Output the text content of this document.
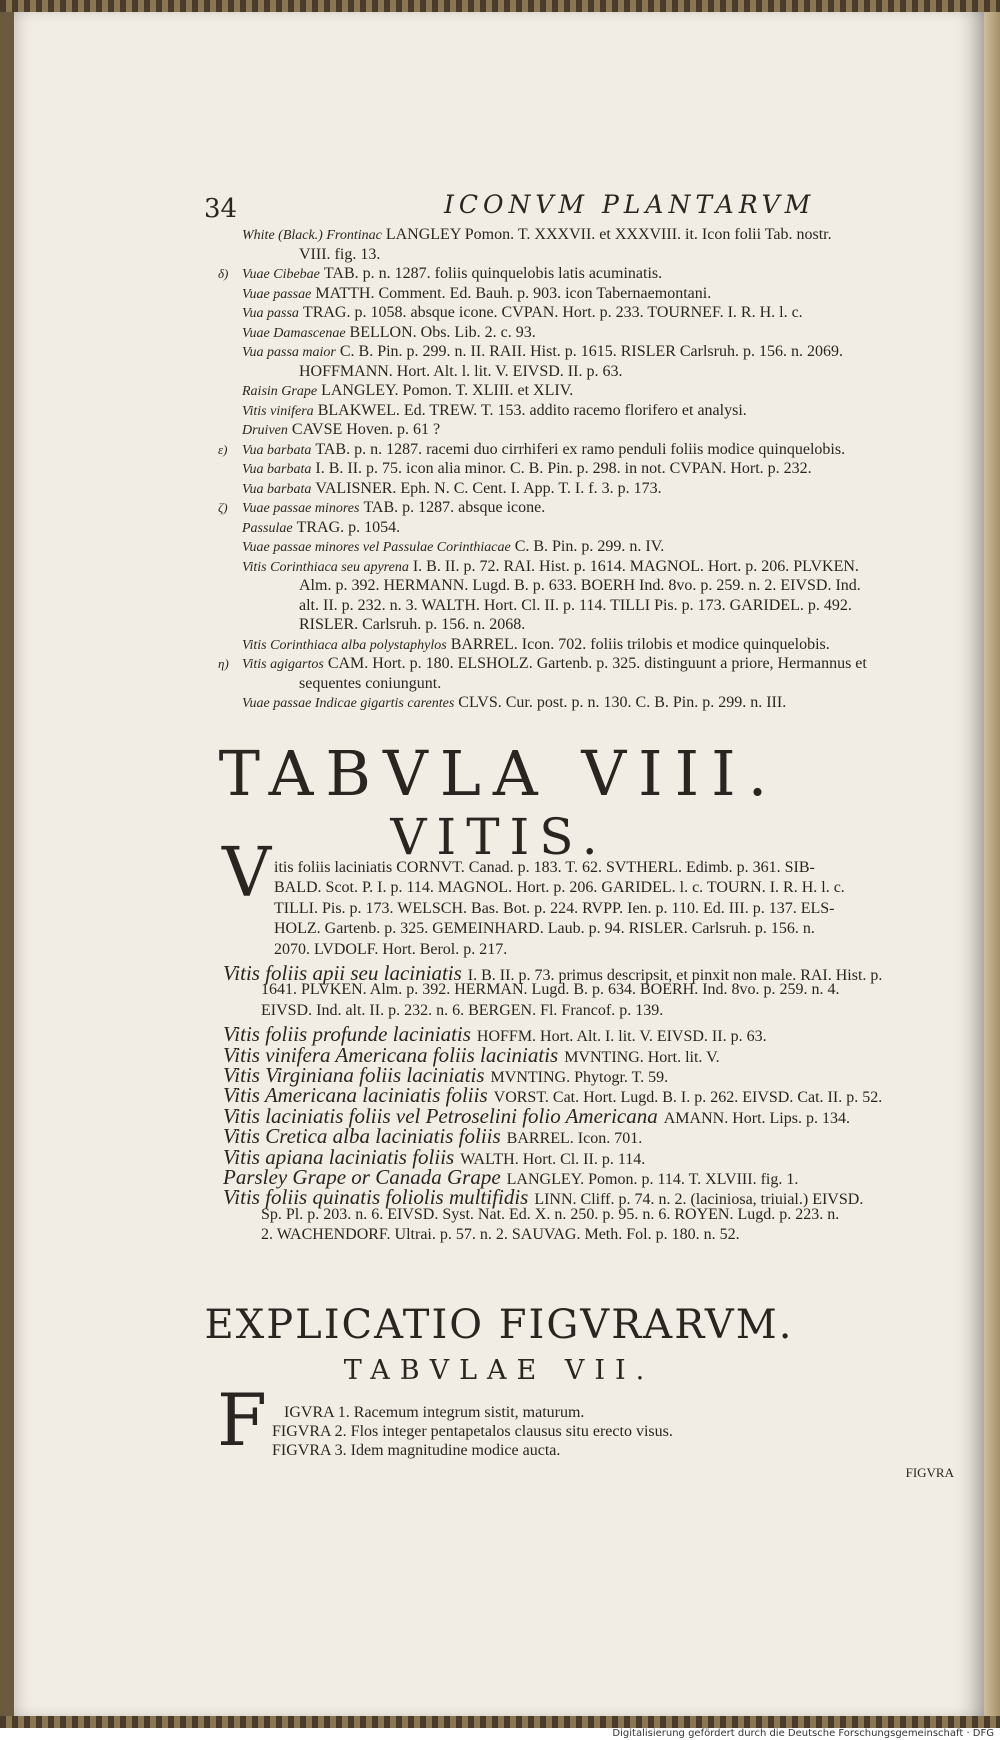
34	ICONVM PLANTARVM
White (Black.) Frontinac LANGLEY Pomon. T. XXXVII. et XXXVIII. it. Icon folii Tab. nostr.
VIII. fig. 13.
δ) Vuae Cibebae TAB. p. n. 1287. foliis quinquelobis latis acuminatis.
Vuae passae MATTH. Comment. Ed. Bauh. p. 903. icon Tabernaemontani.
Vua passa TRAG. p. 1058. absque icone. CVPAN. Hort. p. 233. TOURNEF. I. R. H. l. c.
Vuae Damascenae BELLON. Obs. Lib. 2. c. 93.
Vua passa maior C. B. Pin. p. 299. n. II. RAII. Hist. p. 1615. RISLER Carlsruh. p. 156. n. 2069.
HOFFMANN. Hort. Alt. l. lit. V. EIVSD. II. p. 63.
Raisin Grape LANGLEY. Pomon. T. XLIII. et XLIV.
Vitis vinifera BLAKWEL. Ed. TREW. T. 153. addito racemo florifero et analysi.
Druiven CAVSE Hoven. p. 61 ?
ε) Vua barbata TAB. p. n. 1287. racemi duo cirrhiferi ex ramo penduli foliis modice quinquelobis.
Vua barbata I. B. II. p. 75. icon alia minor. C. B. Pin. p. 298. in not. CVPAN. Hort. p. 232.
Vua barbata VALISNER. Eph. N. C. Cent. I. App. T. I. f. 3. p. 173.
ζ) Vuae passae minores TAB. p. 1287. absque icone.
Passulae TRAG. p. 1054.
Vuae passae minores vel Passulae Corinthiacae C. B. Pin. p. 299. n. IV.
Vitis Corinthiaca seu apyrena I. B. II. p. 72. RAI. Hist. p. 1614. MAGNOL. Hort. p. 206. PLVKEN.
Alm. p. 392. HERMANN. Lugd. B. p. 633. BOERH Ind. 8vo. p. 259. n. 2. EIVSD. Ind.
alt. II. p. 232. n. 3. WALTH. Hort. Cl. II. p. 114. TILLI Pis. p. 173. GARIDEL. p. 492.
RISLER. Carlsruh. p. 156. n. 2068.
Vitis Corinthiaca alba polystaphylos BARREL. Icon. 702. foliis trilobis et modice quinquelobis.
η) Vitis agigartos CAM. Hort. p. 180. ELSHOLZ. Gartenb. p. 325. distinguunt a priore, Hermannus et
sequentes coniungunt.
Vuae passae Indicae gigartis carentes CLVS. Cur. post. p. n. 130. C. B. Pin. p. 299. n. III.
TABVLA VIII.
VITIS.
V itis foliis laciniatis CORNVT. Canad. p. 183. T. 62. SVTHERL. Edimb. p. 361. SIB-
BALD. Scot. P. I. p. 114. MAGNOL. Hort. p. 206. GARIDEL. l. c. TOURN. I. R. H. l. c.
TILLI. Pis. p. 173. WELSCH. Bas. Bot. p. 224. RVPP. Ien. p. 110. Ed. III. p. 137. ELS-
HOLZ. Gartenb. p. 325. GEMEINHARD. Laub. p. 94. RISLER. Carlsruh. p. 156. n.
2070. LVDOLF. Hort. Berol. p. 217.
Vitis foliis apii seu laciniatis I. B. II. p. 73. primus descripsit, et pinxit non male. RAI. Hist. p.
1641. PLVKEN. Alm. p. 392. HERMAN. Lugd. B. p. 634. BOERH. Ind. 8vo. p. 259. n. 4.
EIVSD. Ind. alt. II. p. 232. n. 6. BERGEN. Fl. Francof. p. 139.
Vitis foliis profunde laciniatis HOFFM. Hort. Alt. I. lit. V. EIVSD. II. p. 63.
Vitis vinifera Americana foliis laciniatis MVNTING. Hort. lit. V.
Vitis Virginiana foliis laciniatis MVNTING. Phytogr. T. 59.
Vitis Americana laciniatis foliis VORST. Cat. Hort. Lugd. B. I. p. 262. EIVSD. Cat. II. p. 52.
Vitis laciniatis foliis vel Petroselini folio Americana AMANN. Hort. Lips. p. 134.
Vitis Cretica alba laciniatis foliis BARREL. Icon. 701.
Vitis apiana laciniatis foliis WALTH. Hort. Cl. II. p. 114.
Parsley Grape or Canada Grape LANGLEY. Pomon. p. 114. T. XLVIII. fig. 1.
Vitis foliis quinatis foliolis multifidis LINN. Cliff. p. 74. n. 2. (laciniosa, triuial.) EIVSD.
Sp. Pl. p. 203. n. 6. EIVSD. Syst. Nat. Ed. X. n. 250. p. 95. n. 6. ROYEN. Lugd. p. 223. n.
2. WACHENDORF. Ultrai. p. 57. n. 2. SAUVAG. Meth. Fol. p. 180. n. 52.
EXPLICATIO FIGVRARVM.
TABVLAE VII.
F IGVRA 1. Racemum integrum sistit, maturum.
FIGVRA 2. Flos integer pentapetalos clausus situ erecto visus.
FIGVRA 3. Idem magnitudine modice aucta.
FIGVRA
Digitalisierung gefördert durch die Deutsche Forschungsgemeinschaft · DFG
